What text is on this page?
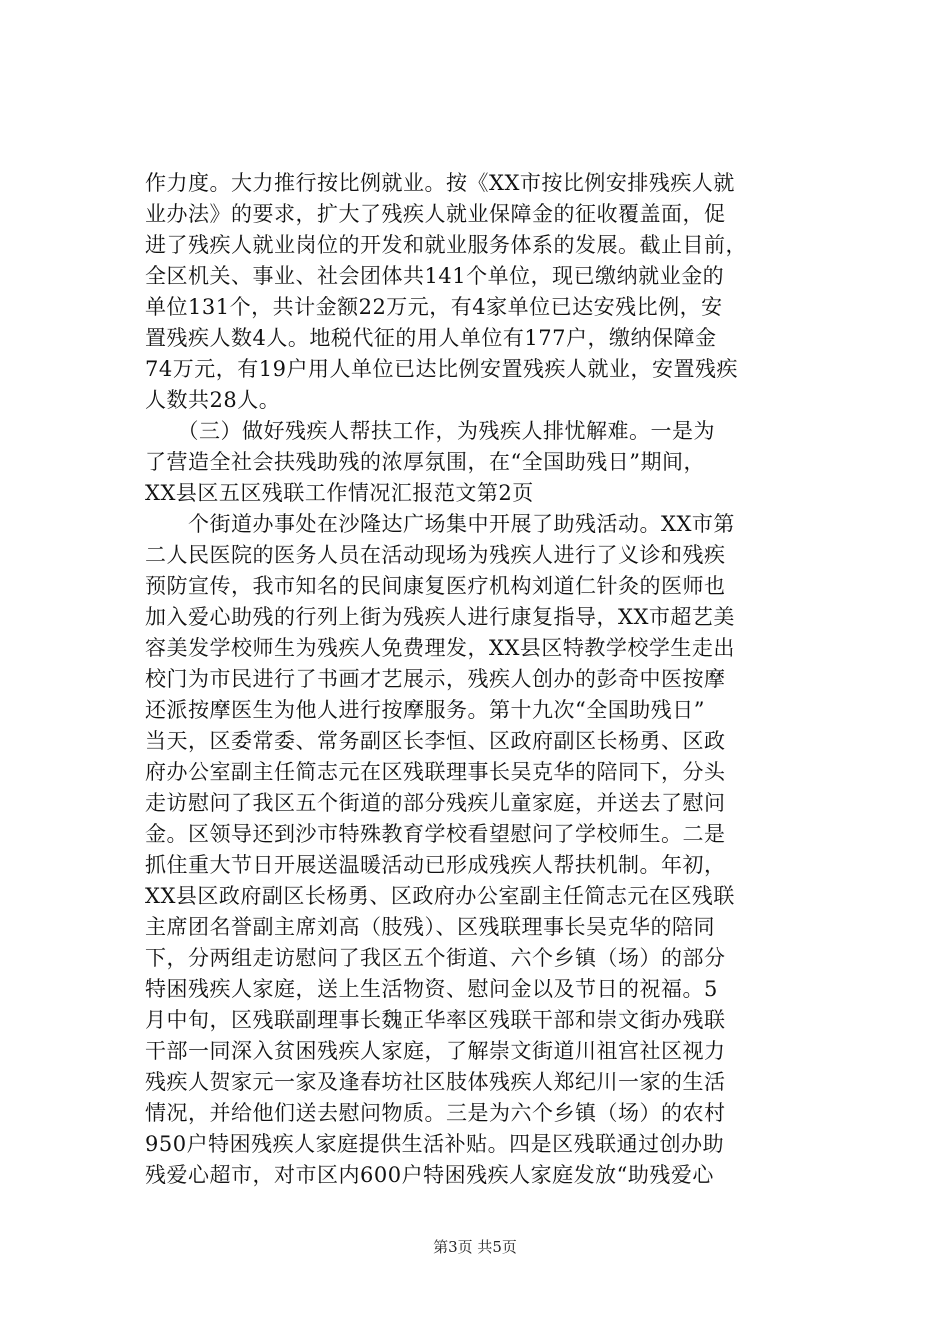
作力度。大力推行按比例就业。按《XX市按比例安排残疾人就
业办法》的要求，扩大了残疾人就业保障金的征收覆盖面，促
进了残疾人就业岗位的开发和就业服务体系的发展。截止目前，
全区机关、事业、社会团体共141个单位，现已缴纳就业金的
单位131个，共计金额22万元，有4家单位已达安残比例，安
置残疾人数4人。地税代征的用人单位有177户，缴纳保障金
74万元，有19户用人单位已达比例安置残疾人就业，安置残疾
人数共28人。
　　（三）做好残疾人帮扶工作，为残疾人排忧解难。一是为
了营造全社会扶残助残的浓厚氛围，在“全国助残日”期间，
XX县区五区残联工作情况汇报范文第2页
　　个街道办事处在沙隆达广场集中开展了助残活动。XX市第
二人民医院的医务人员在活动现场为残疾人进行了义诊和残疾
预防宣传，我市知名的民间康复医疗机构刘道仁针灸的医师也
加入爱心助残的行列上街为残疾人进行康复指导，XX市超艺美
容美发学校师生为残疾人免费理发，XX县区特教学校学生走出
校门为市民进行了书画才艺展示，残疾人创办的彭奇中医按摩
还派按摩医生为他人进行按摩服务。第十九次“全国助残日”
当天，区委常委、常务副区长李恒、区政府副区长杨勇、区政
府办公室副主任简志元在区残联理事长吴克华的陪同下，分头
走访慰问了我区五个街道的部分残疾儿童家庭，并送去了慰问
金。区领导还到沙市特殊教育学校看望慰问了学校师生。二是
抓住重大节日开展送温暖活动已形成残疾人帮扶机制。年初，
XX县区政府副区长杨勇、区政府办公室副主任简志元在区残联
主席团名誉副主席刘高（肢残）、区残联理事长吴克华的陪同
下，分两组走访慰问了我区五个街道、六个乡镇（场）的部分
特困残疾人家庭，送上生活物资、慰问金以及节日的祝福。5
月中旬，区残联副理事长魏正华率区残联干部和崇文街办残联
干部一同深入贫困残疾人家庭，了解崇文街道川祖宫社区视力
残疾人贺家元一家及逢春坊社区肢体残疾人郑纪川一家的生活
情况，并给他们送去慰问物质。三是为六个乡镇（场）的农村
950户特困残疾人家庭提供生活补贴。四是区残联通过创办助
残爱心超市，对市区内600户特困残疾人家庭发放“助残爱心
第3页 共5页
